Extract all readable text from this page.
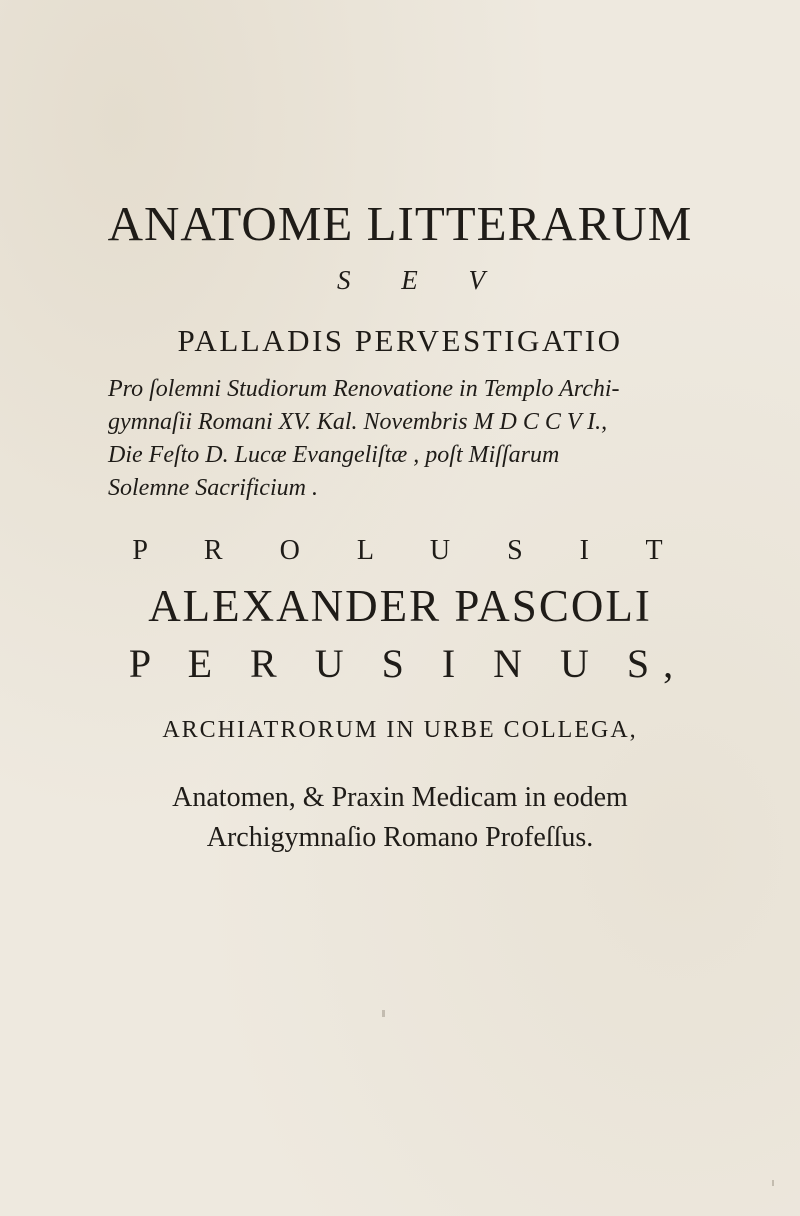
ANATOME LITTERARUM
S E V
PALLADIS PERVESTIGATIO
Pro ſolemni Studiorum Renovatione in Templo Archi-
gymnaſii Romani XV. Kal. Novembris M D C C V I.,
Die Feſto D. Lucæ Evangeliſtæ , poſt Miſſarum
Solemne Sacrificium .
P R O L U S I T
ALEXANDER PASCOLI
P E R U S I N U S,
ARCHIATRORUM IN URBE COLLEGA,
Anatomen, & Praxin Medicam in eodem
Archigymnaſio Romano Profeſſus.
